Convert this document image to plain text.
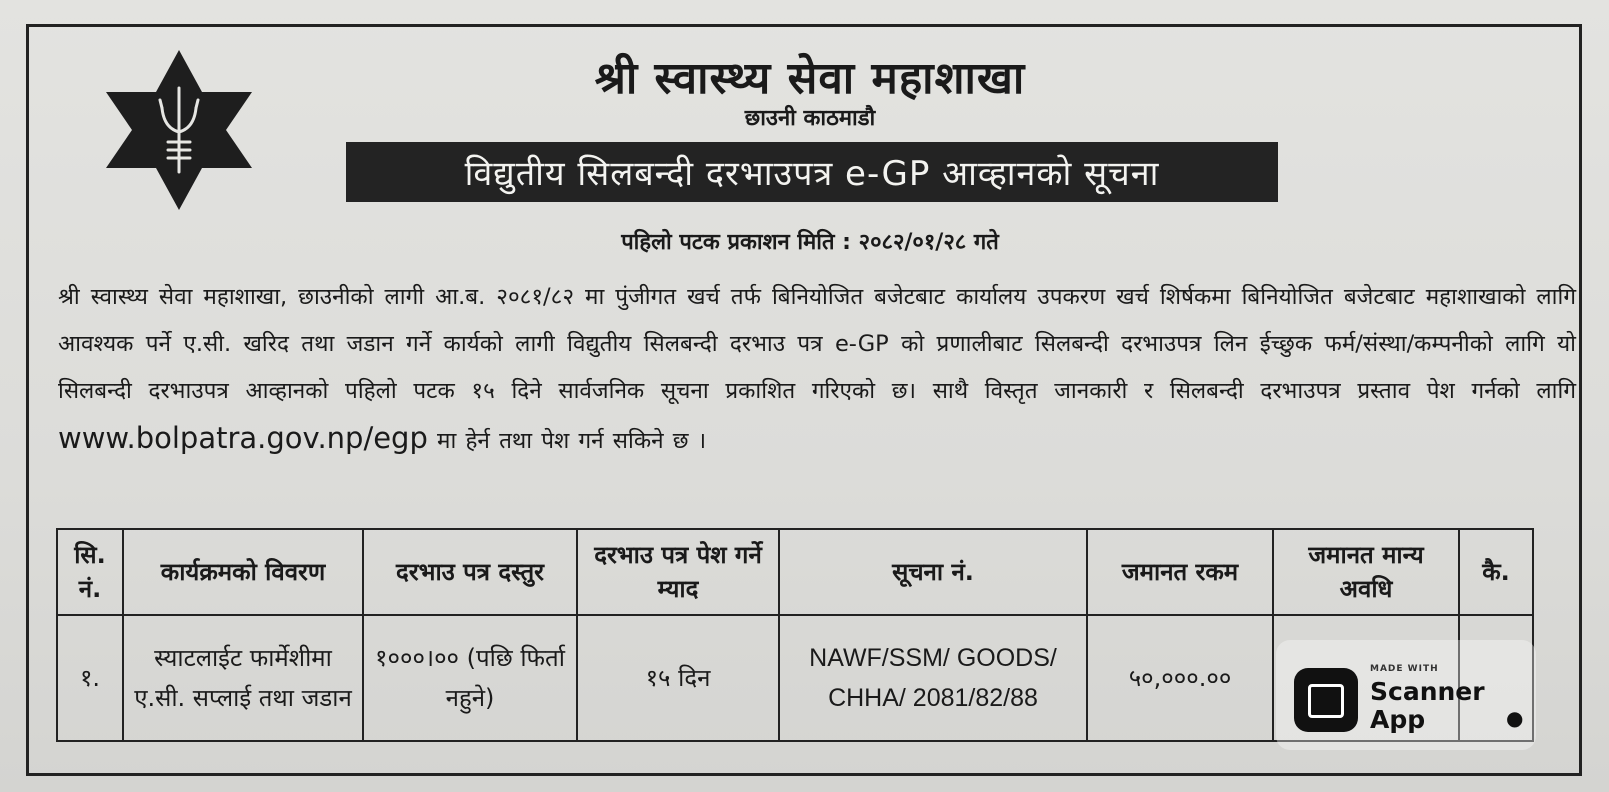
श्री स्वास्थ्य सेवा महाशाखा
छाउनी काठमाडौ
विद्युतीय सिलबन्दी दरभाउपत्र e-GP आव्हानको सूचना
पहिलो पटक प्रकाशन मिति : २०८२/०१/२८ गते
श्री स्वास्थ्य सेवा महाशाखा, छाउनीको लागी आ.ब. २०८१/८२ मा पुंजीगत खर्च तर्फ बिनियोजित बजेटबाट कार्यालय उपकरण खर्च शिर्षकमा बिनियोजित बजेटबाट महाशाखाको लागि आवश्यक पर्ने ए.सी. खरिद तथा जडान गर्ने कार्यको लागी विद्युतीय सिलबन्दी दरभाउ पत्र e-GP को प्रणालीबाट सिलबन्दी दरभाउपत्र लिन ईच्छुक फर्म/संस्था/कम्पनीको लागि यो सिलबन्दी दरभाउपत्र आव्हानको पहिलो पटक १५ दिने सार्वजनिक सूचना प्रकाशित गरिएको छ। साथै विस्तृत जानकारी र सिलबन्दी दरभाउपत्र प्रस्ताव पेश गर्नको लागि www.bolpatra.gov.np/egp मा हेर्न तथा पेश गर्न सकिने छ ।
सि. नं.	कार्यक्रमको विवरण	दरभाउ पत्र दस्तुर	दरभाउ पत्र पेश गर्ने म्याद	सूचना नं.	जमानत रकम	जमानत मान्य अवधि	कै.
१.	स्याटलाईट फार्मेशीमा ए.सी. सप्लाई तथा जडान	१०००।०० (पछि फिर्ता नहुने)	१५ दिन	NAWF/SSM/ GOODS/ CHHA/ 2081/82/88	५०,०००.००			MADE WITH
Scanner
App	●
